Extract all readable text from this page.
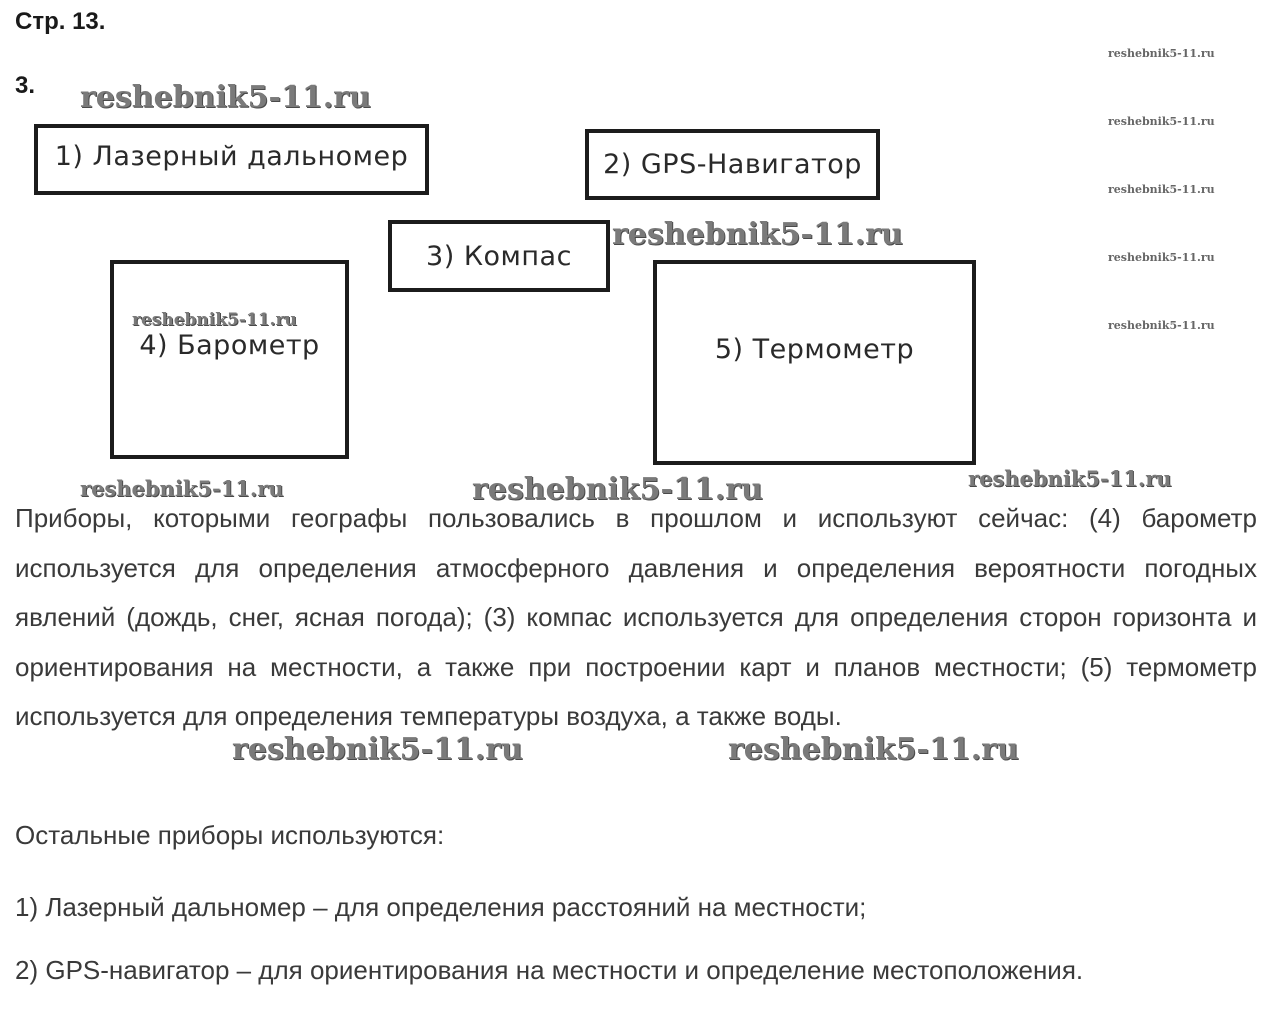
Стр. 13.
3.
1) Лазерный дальномер	2) GPS-Навигатор
3) Компас
4) Барометр	5) Термометр
reshebnik5-11.ru
reshebnik5-11.ru
reshebnik5-11.ru
reshebnik5-11.ru	reshebnik5-11.ru	reshebnik5-11.ru
reshebnik5-11.ru	reshebnik5-11.ru
reshebnik5-11.ru
reshebnik5-11.ru
reshebnik5-11.ru
reshebnik5-11.ru
reshebnik5-11.ru

Приборы, которыми географы пользовались в прошлом и используют сейчас: (4) барометр используется для определения атмосферного давления и определения вероятности погодных явлений (дождь, снег, ясная погода); (3) компас используется для определения сторон горизонта и ориентирования на местности, а также при построении карт и планов местности; (5) термометр используется для определения температуры воздуха, а также воды.

Остальные приборы используются:
1) Лазерный дальномер – для определения расстояний на местности;
2) GPS-навигатор – для ориентирования на местности и определение местоположения.
